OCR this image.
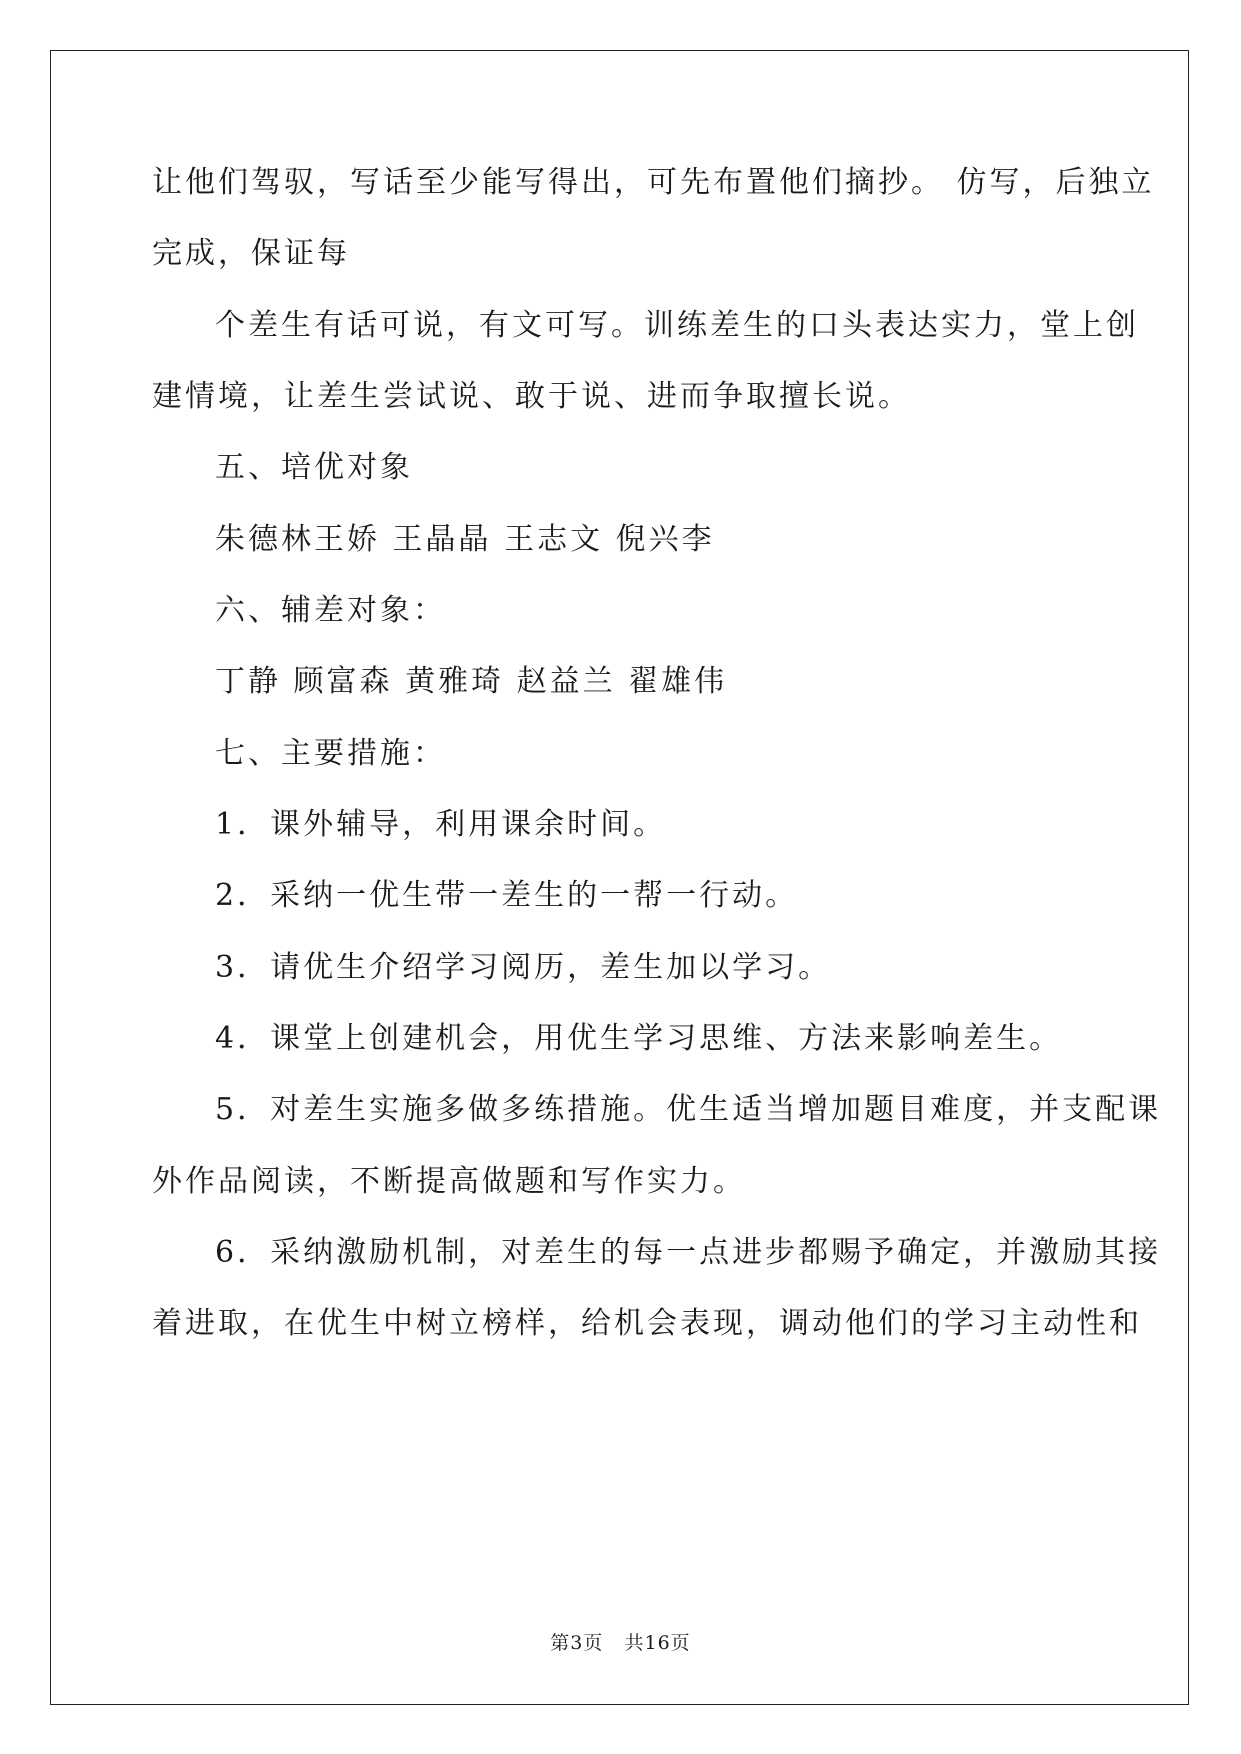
让他们驾驭，写话至少能写得出，可先布置他们摘抄。 仿写，后独立
完成，保证每
个差生有话可说，有文可写。训练差生的口头表达实力，堂上创
建情境，让差生尝试说、敢于说、进而争取擅长说。
五、培优对象
朱德林王娇 王晶晶 王志文 倪兴李
六、辅差对象：
丁静 顾富森 黄雅琦 赵益兰 翟雄伟
七、主要措施：
1．课外辅导，利用课余时间。
2．采纳一优生带一差生的一帮一行动。
3．请优生介绍学习阅历，差生加以学习。
4．课堂上创建机会，用优生学习思维、方法来影响差生。
5．对差生实施多做多练措施。优生适当增加题目难度，并支配课
外作品阅读，不断提高做题和写作实力。
6．采纳激励机制，对差生的每一点进步都赐予确定，并激励其接
着进取，在优生中树立榜样，给机会表现，调动他们的学习主动性和
第3页   共16页
